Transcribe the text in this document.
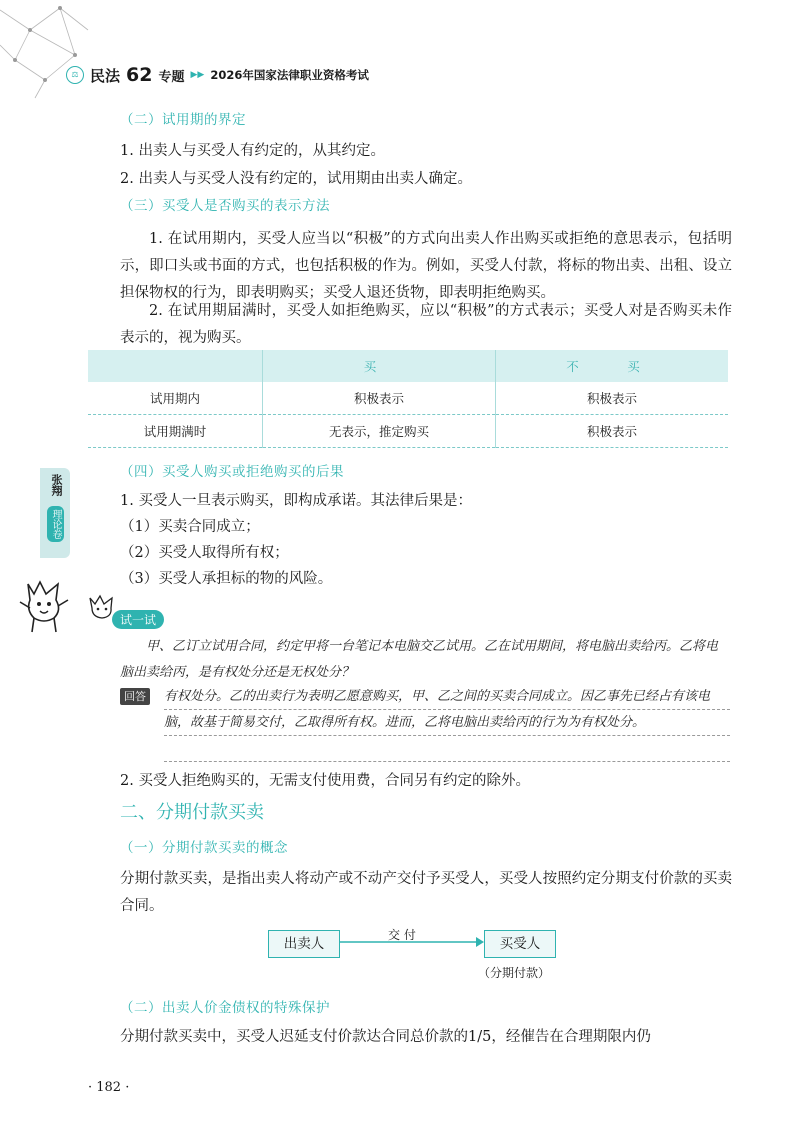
⚖ 民法 62 专题 ▶▶ 2026年国家法律职业资格考试
（二）试用期的界定
1. 出卖人与买受人有约定的，从其约定。
2. 出卖人与买受人没有约定的，试用期由出卖人确定。
（三）买受人是否购买的表示方法
1. 在试用期内，买受人应当以“积极”的方式向出卖人作出购买或拒绝的意思表示，包括明示，即口头或书面的方式，也包括积极的作为。例如，买受人付款，将标的物出卖、出租、设立担保物权的行为，即表明购买；买受人退还货物，即表明拒绝购买。
2. 在试用期届满时，买受人如拒绝购买，应以“积极”的方式表示；买受人对是否购买未作表示的，视为购买。
	买	不　买
试用期内	积极表示	积极表示
试用期满时	无表示，推定购买	积极表示
张翔
理论卷
（四）买受人购买或拒绝购买的后果
1. 买受人一旦表示购买，即构成承诺。其法律后果是：
（1）买卖合同成立；
（2）买受人取得所有权；
（3）买受人承担标的物的风险。
试一试
甲、乙订立试用合同，约定甲将一台笔记本电脑交乙试用。乙在试用期间，将电脑出卖给丙。乙将电脑出卖给丙，是有权处分还是无权处分？
回答	有权处分。乙的出卖行为表明乙愿意购买，甲、乙之间的买卖合同成立。因乙事先已经占有该电脑，故基于简易交付，乙取得所有权。进而，乙将电脑出卖给丙的行为为有权处分。
2. 买受人拒绝购买的，无需支付使用费，合同另有约定的除外。
二、分期付款买卖
（一）分期付款买卖的概念
分期付款买卖，是指出卖人将动产或不动产交付予买受人，买受人按照约定分期支付价款的买卖合同。
出卖人
交 付
买受人
（分期付款）
（二）出卖人价金债权的特殊保护
分期付款买卖中，买受人迟延支付价款达合同总价款的1/5，经催告在合理期限内仍
· 182 ·
